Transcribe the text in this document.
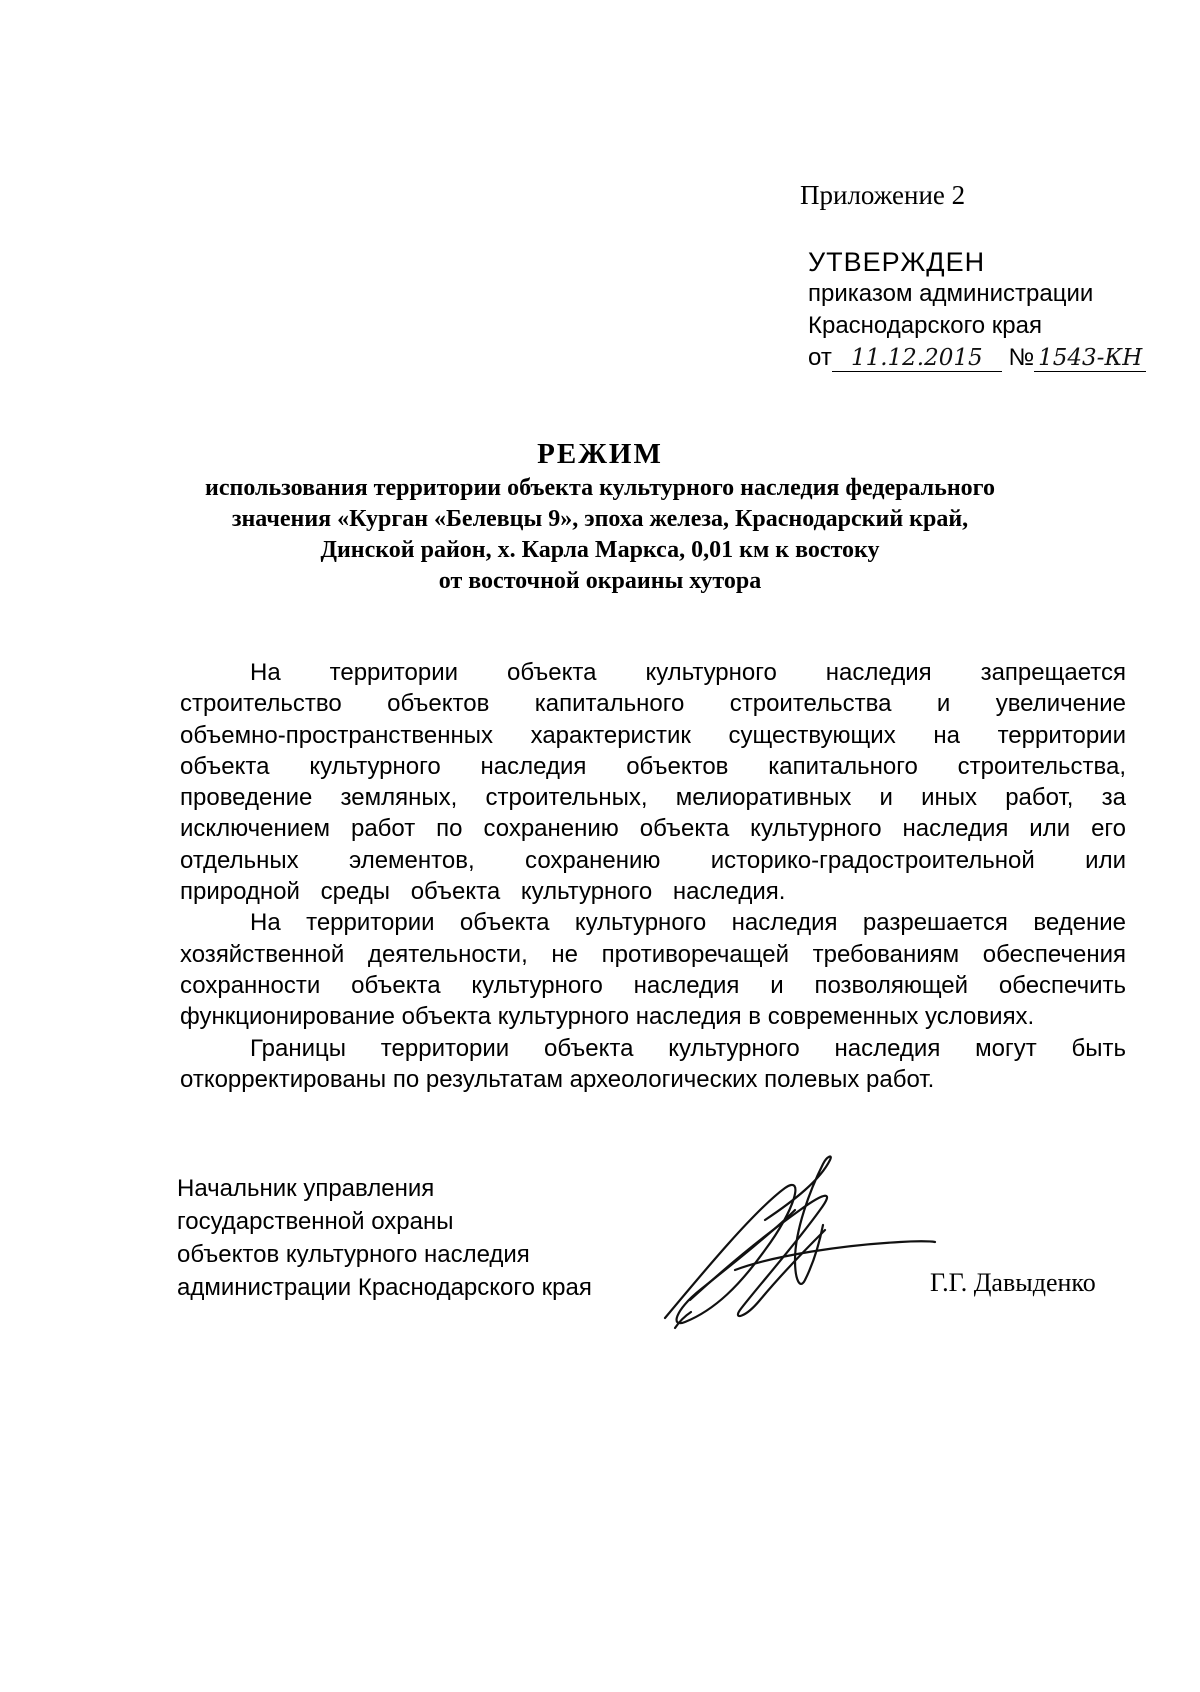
Приложение 2
УТВЕРЖДЕН
приказом администрации
Краснодарского края
от 11.12.2015 № 1543-КН
РЕЖИМ
использования территории объекта культурного наследия федерального
значения «Курган «Белевцы 9», эпоха железа, Краснодарский край,
Динской район, х. Карла Маркса, 0,01 км к востоку
от восточной окраины хутора

На территории объекта культурного наследия запрещается строительство объектов капитального строительства и увеличение объемно-пространственных характеристик существующих на территории объекта культурного наследия объектов капитального строительства, проведение земляных, строительных, мелиоративных и иных работ, за исключением работ по сохранению объекта культурного наследия или его отдельных элементов, сохранению историко-градостроительной или природной среды объекта культурного наследия.

На территории объекта культурного наследия разрешается ведение хозяйственной деятельности, не противоречащей требованиям обеспечения сохранности объекта культурного наследия и позволяющей обеспечить функционирование объекта культурного наследия в современных условиях.

Границы территории объекта культурного наследия могут быть откорректированы по результатам археологических полевых работ.

Начальник управления
государственной охраны
объектов культурного наследия
администрации Краснодарского края	Г.Г. Давыденко
